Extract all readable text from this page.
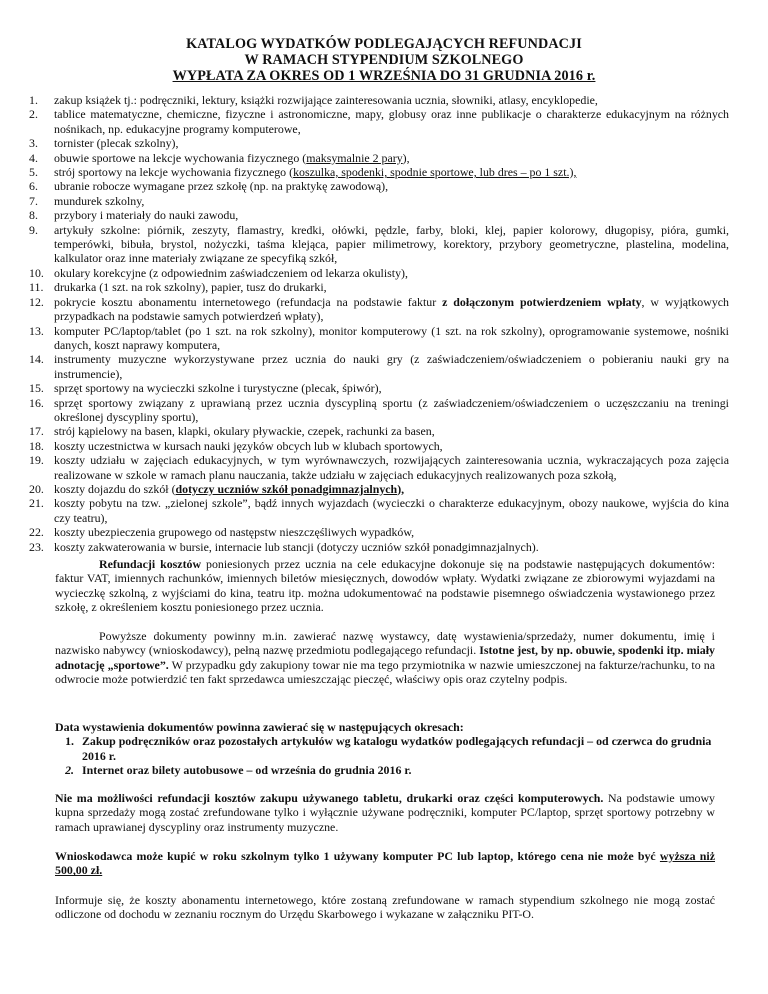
KATALOG WYDATKÓW PODLEGAJĄCYCH REFUNDACJI
W RAMACH STYPENDIUM SZKOLNEGO
WYPŁATA ZA OKRES OD 1 WRZEŚNIA DO 31 GRUDNIA 2016 r.
1.	zakup książek tj.: podręczniki, lektury, książki rozwijające zainteresowania ucznia, słowniki, atlasy, encyklopedie,
2.	tablice matematyczne, chemiczne, fizyczne i astronomiczne, mapy, globusy oraz inne publikacje o charakterze edukacyjnym na różnych nośnikach, np. edukacyjne programy komputerowe,
3.	tornister (plecak szkolny),
4.	obuwie sportowe na lekcje wychowania fizycznego (maksymalnie 2 pary),
5.	strój sportowy na lekcje wychowania fizycznego (koszulka, spodenki, spodnie sportowe, lub dres – po 1 szt.),
6.	ubranie robocze wymagane przez szkołę (np. na praktykę zawodową),
7.	mundurek szkolny,
8.	przybory i materiały do nauki zawodu,
9.	artykuły szkolne: piórnik, zeszyty, flamastry, kredki, ołówki, pędzle, farby, bloki, klej, papier kolorowy, długopisy, pióra, gumki, temperówki, bibuła, brystol, nożyczki, taśma klejąca, papier milimetrowy, korektory, przybory geometryczne, plastelina, modelina, kalkulator oraz inne materiały związane ze specyfiką szkół,
10. okulary korekcyjne (z odpowiednim zaświadczeniem od lekarza okulisty),
11. drukarka (1 szt. na rok szkolny), papier, tusz do drukarki,
12. pokrycie kosztu abonamentu internetowego (refundacja na podstawie faktur z dołączonym potwierdzeniem wpłaty, w wyjątkowych przypadkach na podstawie samych potwierdzeń wpłaty),
13. komputer PC/laptop/tablet (po 1 szt. na rok szkolny), monitor komputerowy (1 szt. na rok szkolny), oprogramowanie systemowe, nośniki danych, koszt naprawy komputera,
14. instrumenty muzyczne wykorzystywane przez ucznia do nauki gry (z zaświadczeniem/oświadczeniem o pobieraniu nauki gry na instrumencie),
15. sprzęt sportowy na wycieczki szkolne i turystyczne (plecak, śpiwór),
16. sprzęt sportowy związany z uprawianą przez ucznia dyscypliną sportu (z zaświadczeniem/oświadczeniem o uczęszczaniu na treningi określonej dyscypliny sportu),
17. strój kąpielowy na basen, klapki, okulary pływackie, czepek, rachunki za basen,
18. koszty uczestnictwa w kursach nauki języków obcych lub w klubach sportowych,
19. koszty udziału w zajęciach edukacyjnych, w tym wyrównawczych, rozwijających zainteresowania ucznia, wykraczających poza zajęcia realizowane w szkole w ramach planu nauczania, także udziału w zajęciach edukacyjnych realizowanych poza szkołą,
20. koszty dojazdu do szkół (dotyczy uczniów szkół ponadgimnazjalnych),
21. koszty pobytu na tzw. „zielonej szkole”, bądź innych wyjazdach (wycieczki o charakterze edukacyjnym, obozy naukowe, wyjścia do kina czy teatru),
22. koszty ubezpieczenia grupowego od następstw nieszczęśliwych wypadków,
23. koszty zakwaterowania w bursie, internacie lub stancji (dotyczy uczniów szkół ponadgimnazjalnych).

Refundacji kosztów poniesionych przez ucznia na cele edukacyjne dokonuje się na podstawie następujących dokumentów: faktur VAT, imiennych rachunków, imiennych biletów miesięcznych, dowodów wpłaty. Wydatki związane ze zbiorowymi wyjazdami na wycieczkę szkolną, z wyjściami do kina, teatru itp. można udokumentować na podstawie pisemnego oświadczenia wystawionego przez szkołę, z określeniem kosztu poniesionego przez ucznia.

Powyższe dokumenty powinny m.in. zawierać nazwę wystawcy, datę wystawienia/sprzedaży, numer dokumentu, imię i nazwisko nabywcy (wnioskodawcy), pełną nazwę przedmiotu podlegającego refundacji. Istotne jest, by np. obuwie, spodenki itp. miały adnotację „sportowe”. W przypadku gdy zakupiony towar nie ma tego przymiotnika w nazwie umieszczonej na fakturze/rachunku, to na odwrocie może potwierdzić ten fakt sprzedawca umieszczając pieczęć, właściwy opis oraz czytelny podpis.

Data wystawienia dokumentów powinna zawierać się w następujących okresach:

1. Zakup podręczników oraz pozostałych artykułów wg katalogu wydatków podlegających refundacji – od czerwca do grudnia 2016 r.
2. Internet oraz bilety autobusowe – od września do grudnia 2016 r.

Nie ma możliwości refundacji kosztów zakupu używanego tabletu, drukarki oraz części komputerowych. Na podstawie umowy kupna sprzedaży mogą zostać zrefundowane tylko i wyłącznie używane podręczniki, komputer PC/laptop, sprzęt sportowy potrzebny w ramach uprawianej dyscypliny oraz instrumenty muzyczne.

Wnioskodawca może kupić w roku szkolnym tylko 1 używany komputer PC lub laptop, którego cena nie może być wyższa niż 500,00 zł.

Informuje się, że koszty abonamentu internetowego, które zostaną zrefundowane w ramach stypendium szkolnego nie mogą zostać odliczone od dochodu w zeznaniu rocznym do Urzędu Skarbowego i wykazane w załączniku PIT-O.
